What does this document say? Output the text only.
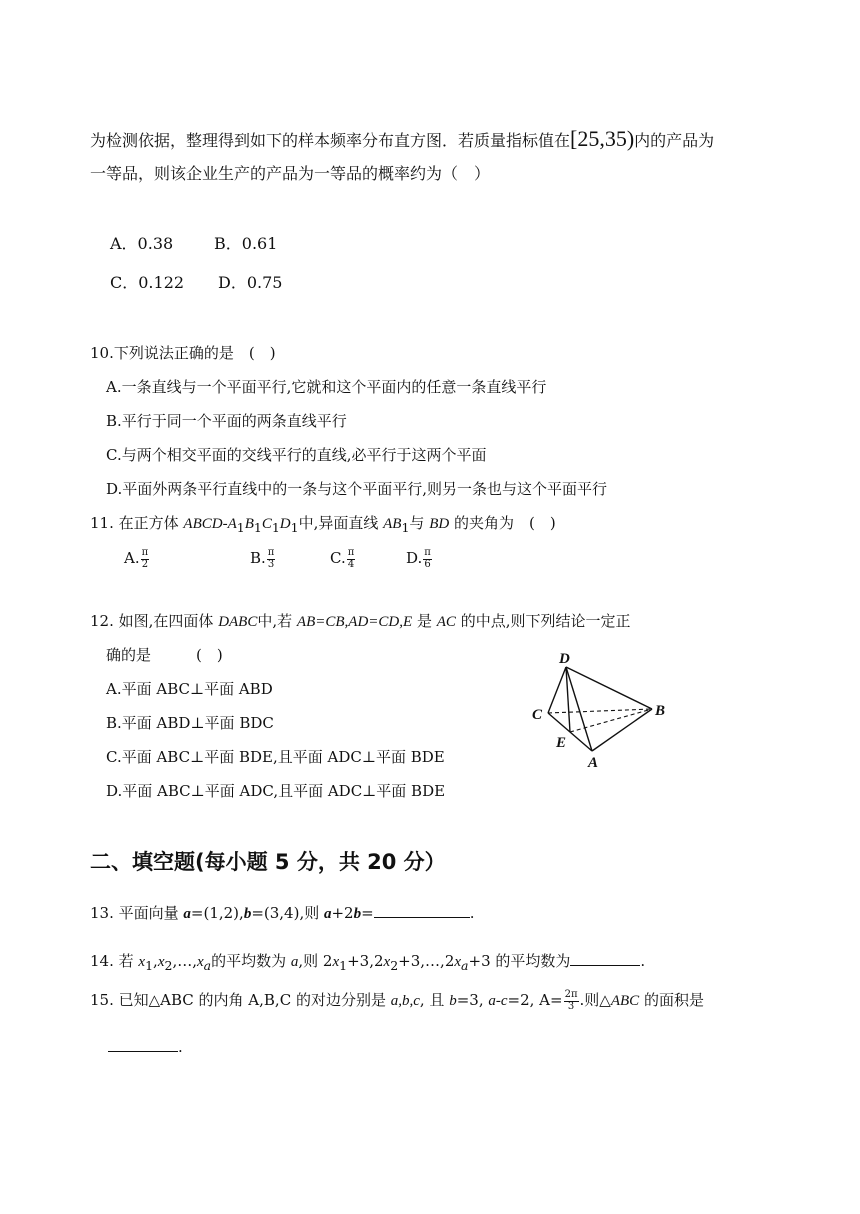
为检测依据，整理得到如下的样本频率分布直方图．若质量指标值在[25,35)内的产品为
一等品，则该企业生产的产品为一等品的概率约为（　）
A．0.38	B．0.61
C．0.122 D．0.75
10.下列说法正确的是　(　)
A.一条直线与一个平面平行,它就和这个平面内的任意一条直线平行
B.平行于同一个平面的两条直线平行
C.与两个相交平面的交线平行的直线,必平行于这两个平面
D.平面外两条平行直线中的一条与这个平面平行,则另一条也与这个平面平行
11. 在正方体 ABCD-$A_1B_1C_1D_1$中,异面直线 $AB_1$与 BD 的夹角为　(　)
A. $\frac{\pi}{2}$	B. $\frac{\pi}{3}$	C. $\frac{\pi}{4}$	D. $\frac{\pi}{6}$
12. 如图,在四面体 DABC中,若 AB=CB,AD=CD,E 是 AC 的中点,则下列结论一定正
确的是　　　(　)
A.平面 ABC⊥平面 ABD
B.平面 ABD⊥平面 BDC
C.平面 ABC⊥平面 BDE,且平面 ADC⊥平面 BDE
D.平面 ABC⊥平面 ADC,且平面 ADC⊥平面 BDE
D
C	B
E
A
二、填空题(每小题 5 分，共 20 分）
13. 平面向量 a=(1,2),b=(3,4),则 a+2b=	.
14. 若 $x_1,x_2,\dots,x_a$的平均数为 a,则 $2x_1+3,2x_2+3,\dots,2x_a+3$ 的平均数为	.
15. 已知△ABC 的内角 A,B,C 的对边分别是 a,b,c, 且 b=3, a-c=2, $A= \frac{2\pi}{3}$ .则△ABC 的面积是
.
